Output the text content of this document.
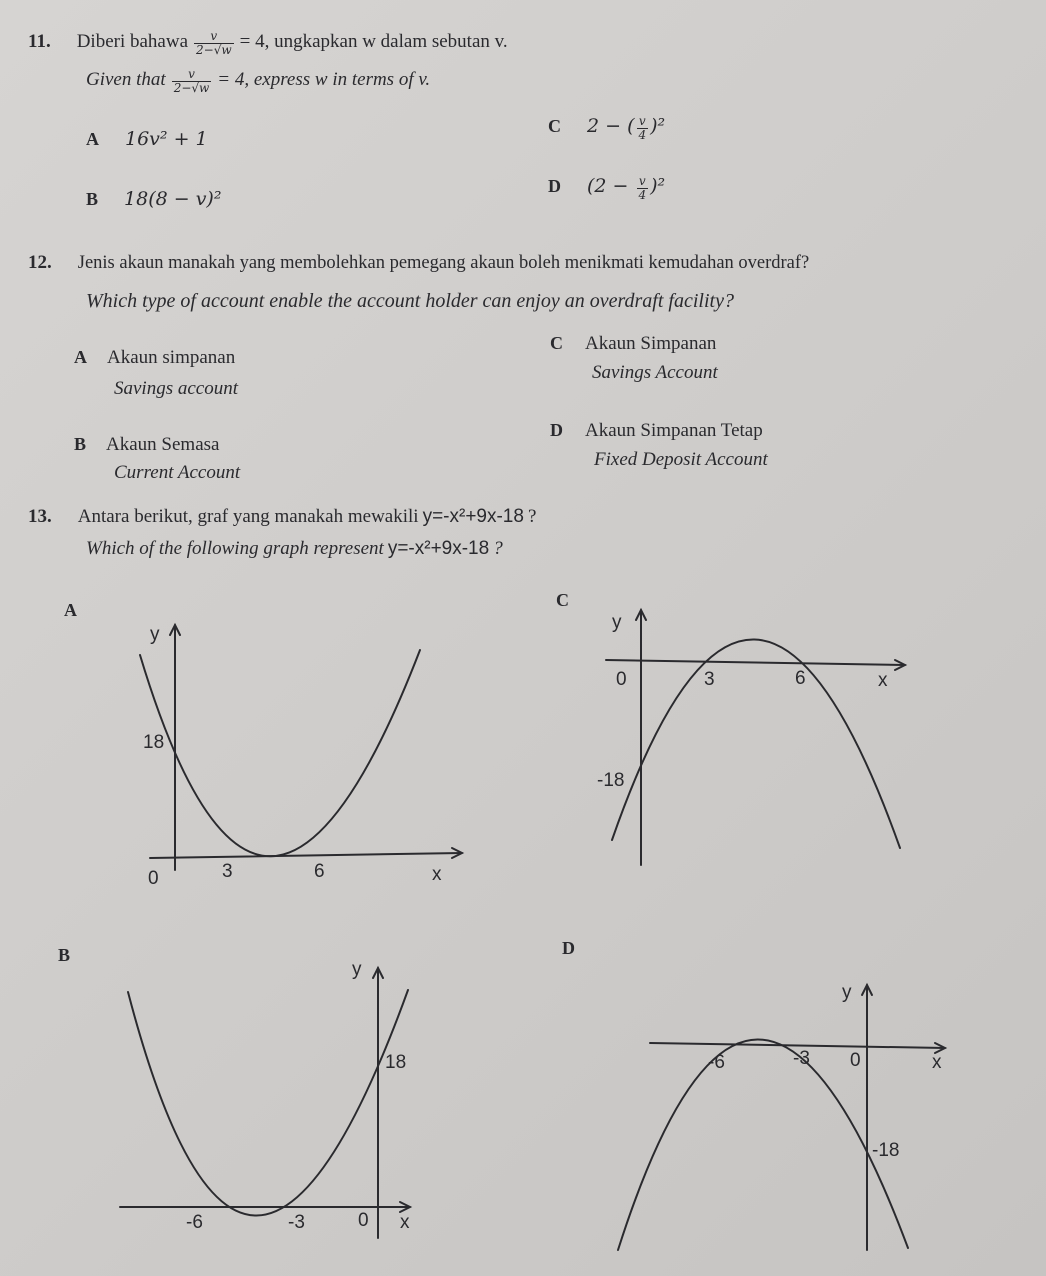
11. Diberi bahawa $\frac{v}{2-√w} = 4$, ungkapkan w dalam sebutan v.
Given that $\frac{v}{2-√w} = 4$, express w in terms of v.
A 16v² + 1
B 18(8 − v)²
C 2 − ( $\frac{v}{4} )^2$
D $(2 - \frac{v}{4} )^2$
12. Jenis akaun manakah yang membolehkan pemegang akaun boleh menikmati kemudahan overdraf?
Which type of account enable the account holder can enjoy an overdraft facility?
A Akaun simpanan
Savings account
C Akaun Simpanan
Savings Account
B Akaun Semasa
Current Account
D Akaun Simpanan Tetap
Fixed Deposit Account
13. Antara berikut, graf yang manakah mewakili y=-x²+9x-18 ?
Which of the following graph represent y=-x²+9x-18 ?
A	C
B	D
y
18
0	3	6	x
y
0	3	6	x
-18
y
18
-6	-3	0 x
y
-6	-3 0	x
-18
